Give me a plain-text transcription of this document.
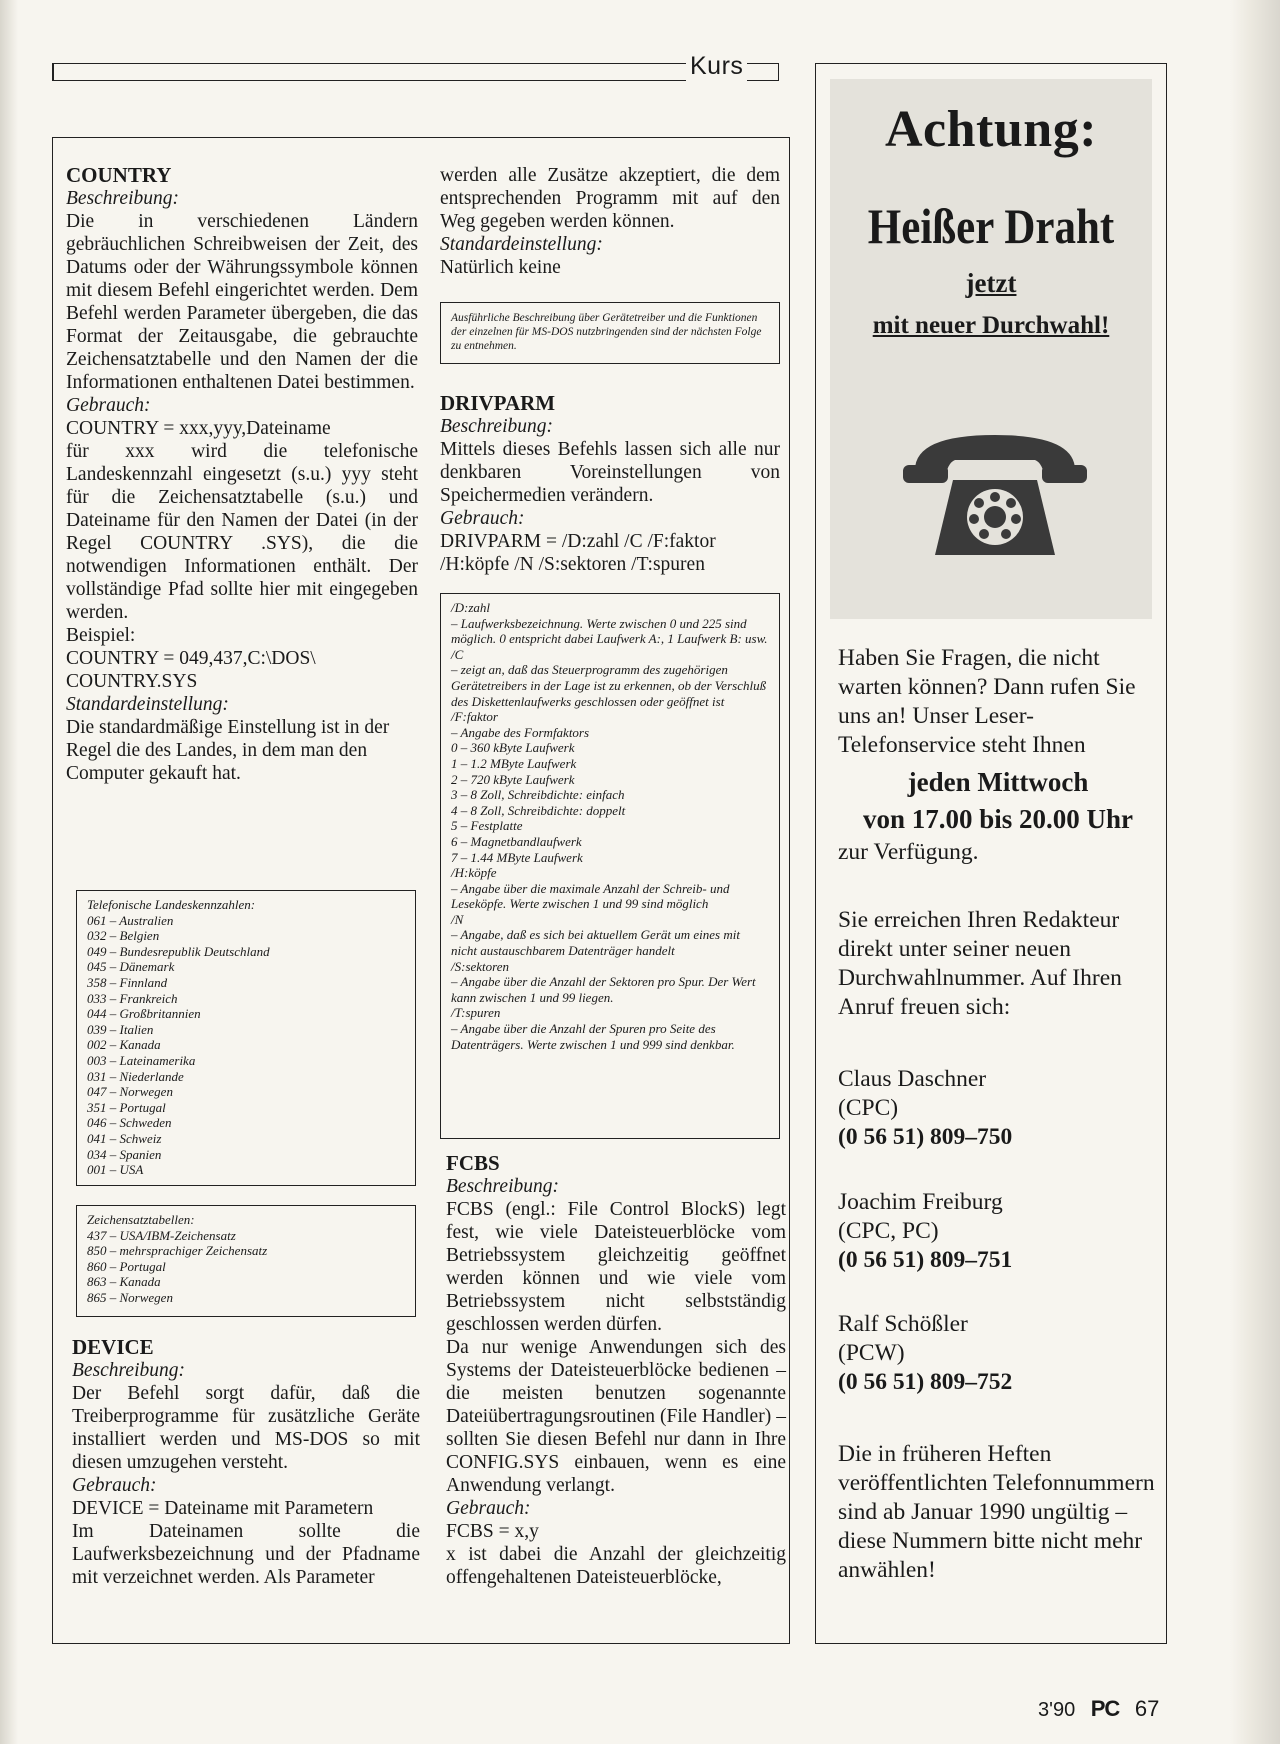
Kurs

COUNTRY

Beschreibung:

Die in verschiedenen Ländern gebräuchlichen Schreibweisen der Zeit, des Datums oder der Währungssymbole können mit diesem Befehl eingerichtet werden. Dem Befehl werden Parameter übergeben, die das Format der Zeitausgabe, die gebrauchte Zeichensatztabelle und den Namen der die Informationen enthaltenen Datei bestimmen.

Gebrauch:

COUNTRY = xxx,yyy,Dateiname

für xxx wird die telefonische Landeskennzahl eingesetzt (s.u.) yyy steht für die Zeichensatztabelle (s.u.) und Dateiname für den Namen der Datei (in der Regel COUNTRY .SYS), die die notwendigen Informationen enthält. Der vollständige Pfad sollte hier mit eingegeben werden.

Beispiel:

COUNTRY = 049,437,C:\DOS\ COUNTRY.SYS

Standardeinstellung:

Die standardmäßige Einstellung ist in der Regel die des Landes, in dem man den Computer gekauft hat.

Telefonische Landeskennzahlen:

061 – Australien

032 – Belgien

049 – Bundesrepublik Deutschland

045 – Dänemark

358 – Finnland

033 – Frankreich

044 – Großbritannien

039 – Italien

002 – Kanada

003 – Lateinamerika

031 – Niederlande

047 – Norwegen

351 – Portugal

046 – Schweden

041 – Schweiz

034 – Spanien

001 – USA

Zeichensatztabellen:

437 – USA/IBM-Zeichensatz

850 – mehrsprachiger Zeichensatz

860 – Portugal

863 – Kanada

865 – Norwegen

DEVICE

Beschreibung:

Der Befehl sorgt dafür, daß die Treiberprogramme für zusätzliche Geräte installiert werden und MS-DOS so mit diesen umzugehen versteht.

Gebrauch:

DEVICE = Dateiname mit Parametern

Im Dateinamen sollte die Laufwerksbezeichnung und der Pfadname mit verzeichnet werden. Als Parameter

werden alle Zusätze akzeptiert, die dem entsprechenden Programm mit auf den Weg gegeben werden können.

Standardeinstellung:

Natürlich keine

Ausführliche Beschreibung über Gerätetreiber und die Funktionen der einzelnen für MS-DOS nutzbringenden sind der nächsten Folge zu entnehmen.

DRIVPARM

Beschreibung:

Mittels dieses Befehls lassen sich alle nur denkbaren Voreinstellungen von Speichermedien verändern.

Gebrauch:

DRIVPARM = /D:zahl /C /F:faktor /H:köpfe /N /S:sektoren /T:spuren

/D:zahl

– Laufwerksbezeichnung. Werte zwischen 0 und 225 sind möglich. 0 entspricht dabei Laufwerk A:, 1 Laufwerk B: usw.

/C

– zeigt an, daß das Steuerprogramm des zugehörigen Gerätetreibers in der Lage ist zu erkennen, ob der Verschluß des Diskettenlaufwerks geschlossen oder geöffnet ist

/F:faktor

– Angabe des Formfaktors

0 – 360 kByte Laufwerk

1 – 1.2 MByte Laufwerk

2 – 720 kByte Laufwerk

3 – 8 Zoll, Schreibdichte: einfach

4 – 8 Zoll, Schreibdichte: doppelt

5 – Festplatte

6 – Magnetbandlaufwerk

7 – 1.44 MByte Laufwerk

/H:köpfe

– Angabe über die maximale Anzahl der Schreib- und Leseköpfe. Werte zwischen 1 und 99 sind möglich

/N

– Angabe, daß es sich bei aktuellem Gerät um eines mit nicht austauschbarem Datenträger handelt

/S:sektoren

– Angabe über die Anzahl der Sektoren pro Spur. Der Wert kann zwischen 1 und 99 liegen.

/T:spuren

– Angabe über die Anzahl der Spuren pro Seite des Datenträgers. Werte zwischen 1 und 999 sind denkbar.

FCBS

Beschreibung:

FCBS (engl.: File Control BlockS) legt fest, wie viele Dateisteuerblöcke vom Betriebssystem gleichzeitig geöffnet werden können und wie viele vom Betriebssystem nicht selbstständig geschlossen werden dürfen.

Da nur wenige Anwendungen sich des Systems der Dateisteuerblöcke bedienen – die meisten benutzen sogenannte Dateiübertragungsroutinen (File Handler) – sollten Sie diesen Befehl nur dann in Ihre CONFIG.SYS einbauen, wenn es eine Anwendung verlangt.

Gebrauch:

FCBS = x,y

x ist dabei die Anzahl der gleichzeitig offengehaltenen Dateisteuerblöcke,

Achtung:
Heißer Draht
jetzt
mit neuer Durchwahl!

Haben Sie Fragen, die nicht warten können? Dann rufen Sie uns an! Unser Leser-Telefonservice steht Ihnen

jeden Mittwoch

von 17.00 bis 20.00 Uhr

zur Verfügung.

Sie erreichen Ihren Redakteur direkt unter seiner neuen Durchwahlnummer. Auf Ihren Anruf freuen sich:

Claus Daschner

(CPC)

(0 56 51) 809–750

Joachim Freiburg

(CPC, PC)

(0 56 51) 809–751

Ralf Schößler

(PCW)

(0 56 51) 809–752

Die in früheren Heften veröffentlichten Telefonnummern sind ab Januar 1990 ungültig – diese Nummern bitte nicht mehr anwählen!

3'90 PC 67
